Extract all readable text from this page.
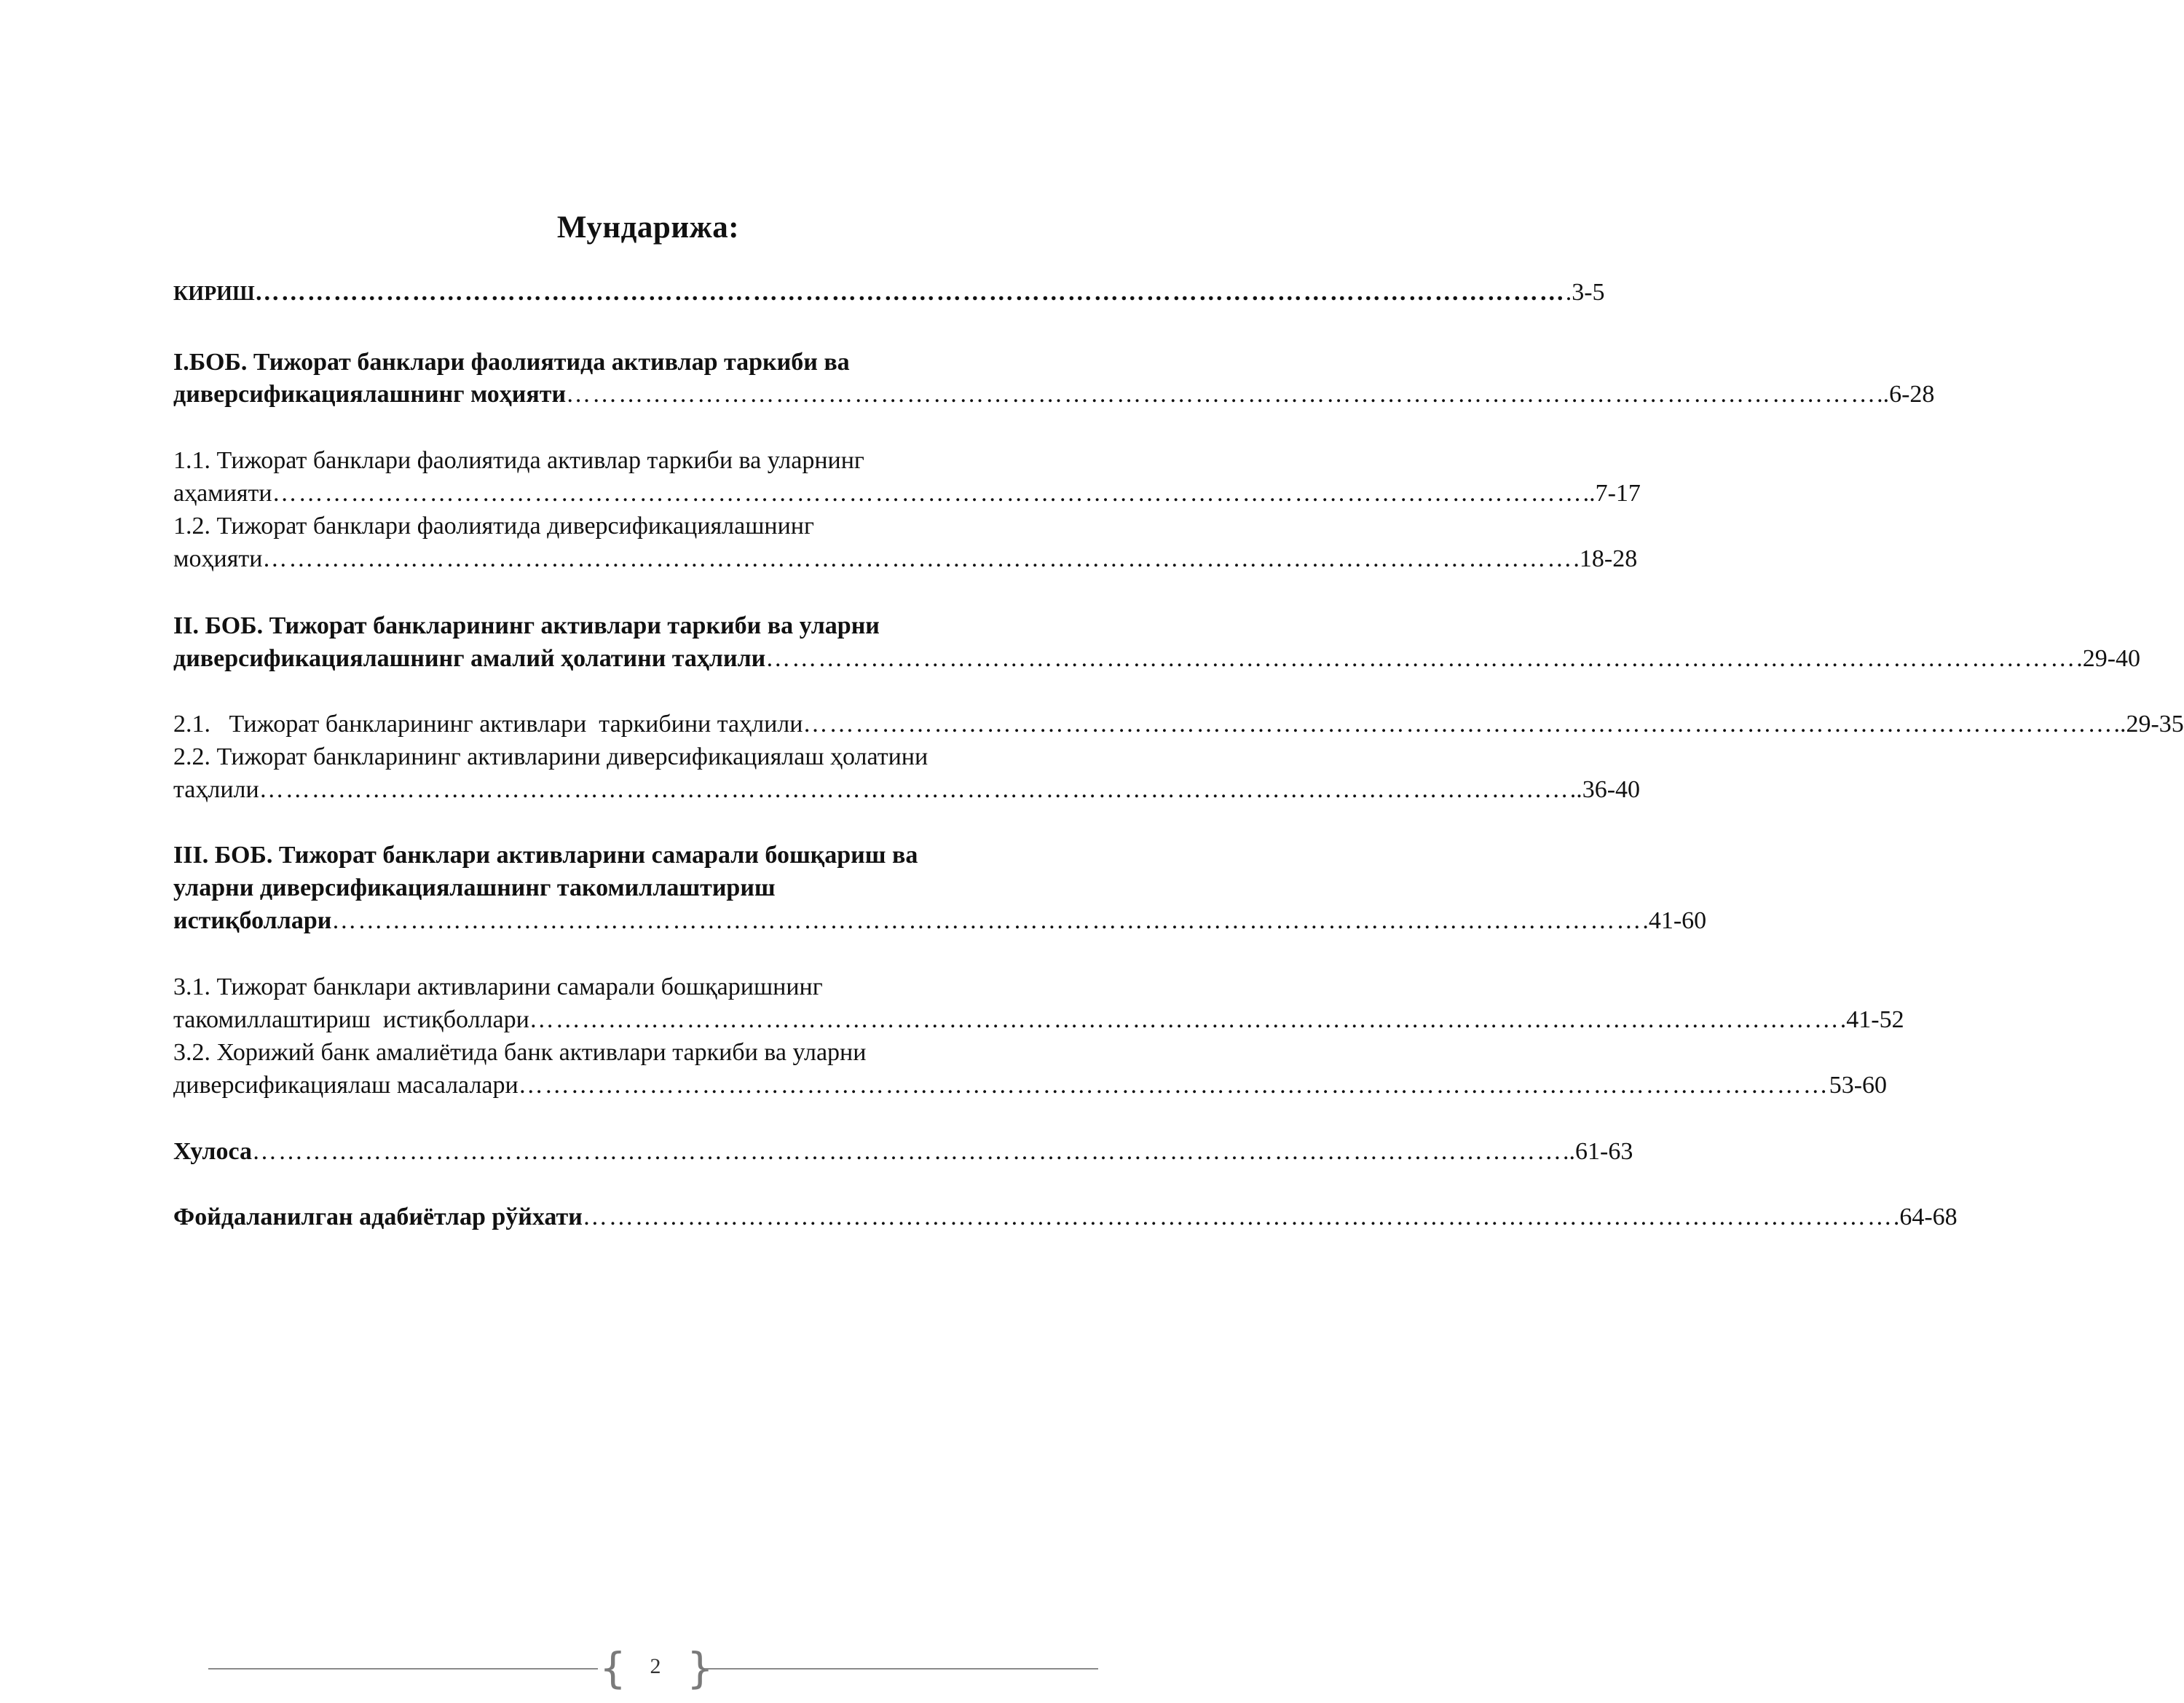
Мундарижа:
КИРИШ …………………………………………………………………………………………………………………………………… .3-5
I.БОБ. Тижорат банклари фаолиятида активлар таркиби ва
диверсификациялашнинг моҳияти …………………………………………………………………………………………………………………………………… ..6-28
1.1. Тижорат банклари фаолиятида активлар таркиби ва уларнинг
аҳамияти …………………………………………………………………………………………………………………………………… ..7-17
1.2. Тижорат банклари фаолиятида диверсификациялашнинг
моҳияти …………………………………………………………………………………………………………………………………… .18-28
II. БОБ. Тижорат банкларининг активлари таркиби ва уларни
диверсификациялашнинг амалий ҳолатини таҳлили …………………………………………………………………………………………………………………………………… .29-40
2.1.   Тижорат банкларининг активлари  таркибини таҳлили …………………………………………………………………………………………………………………………………… ..29-35
2.2. Тижорат банкларининг активларини диверсификациялаш ҳолатини
таҳлили …………………………………………………………………………………………………………………………………… ..36-40
III. БОБ. Тижорат банклари активларини самарали бошқариш ва
уларни диверсификациялашнинг такомиллаштириш
истиқболлари …………………………………………………………………………………………………………………………………… .41-60
3.1. Тижорат банклари активларини самарали бошқаришнинг
такомиллаштириш  истиқболлари …………………………………………………………………………………………………………………………………… .41-52
3.2. Хорижий банк амалиётида банк активлари таркиби ва уларни
диверсификациялаш масалалари …………………………………………………………………………………………………………………………………… 53-60
Хулоса …………………………………………………………………………………………………………………………………… ..61-63
Фойдаланилган адабиётлар рўйхати …………………………………………………………………………………………………………………………………… .64-68
{	2 }
